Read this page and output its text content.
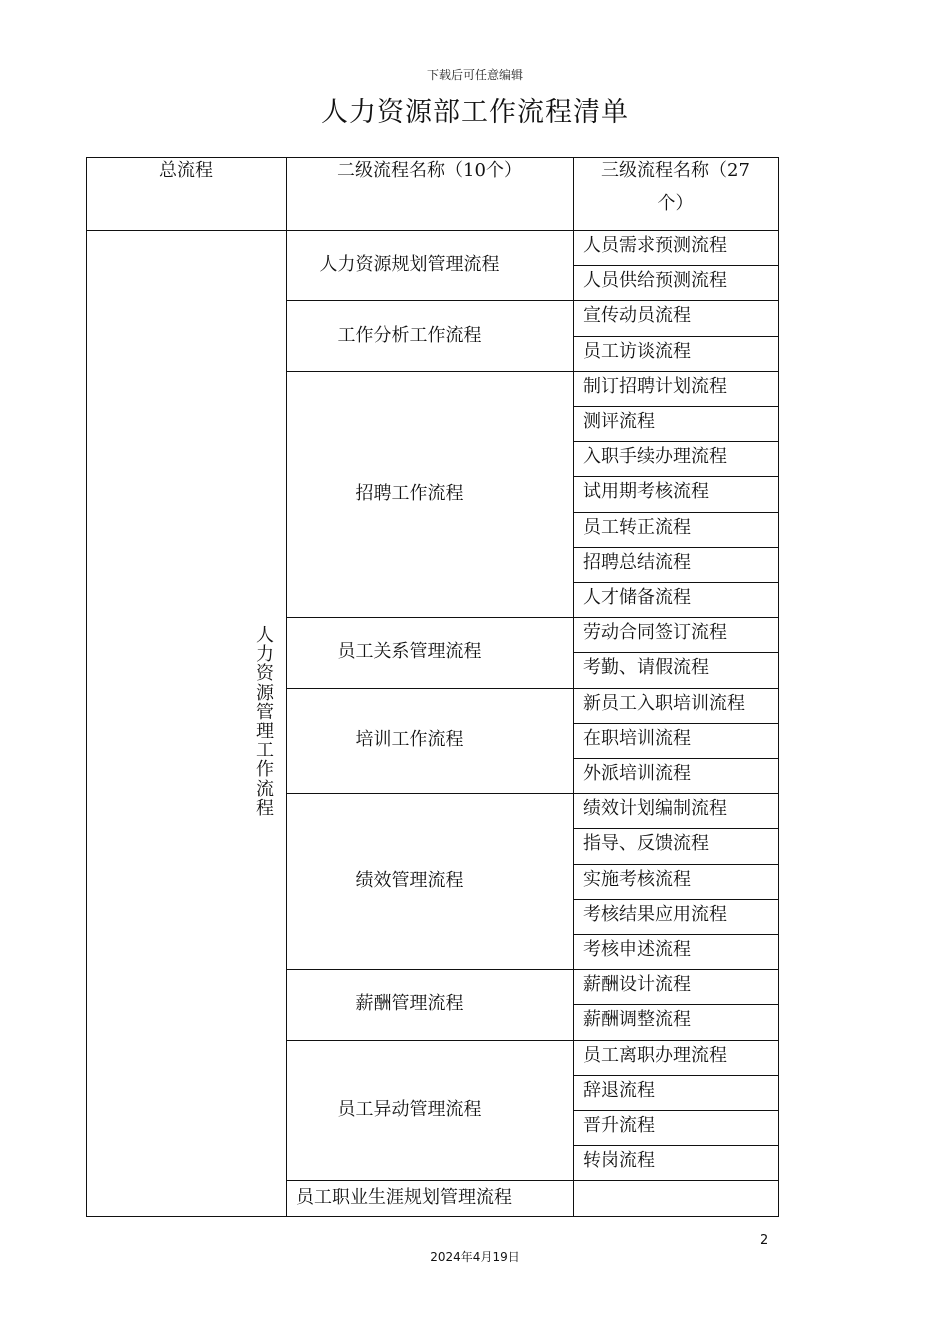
下载后可任意编辑
人力资源部工作流程清单
总流程	二级流程名称（10个）	三级流程名称（27
个）
人力资源管理工作流程
人力资源规划管理流程
人员需求预测流程
人员供给预测流程
工作分析工作流程
宣传动员流程
员工访谈流程
招聘工作流程
制订招聘计划流程
测评流程
入职手续办理流程
试用期考核流程
员工转正流程
招聘总结流程
人才储备流程
员工关系管理流程
劳动合同签订流程
考勤、请假流程
培训工作流程
新员工入职培训流程
在职培训流程
外派培训流程
绩效管理流程
绩效计划编制流程
指导、反馈流程
实施考核流程
考核结果应用流程
考核申述流程
薪酬管理流程
薪酬设计流程
薪酬调整流程
员工异动管理流程
员工离职办理流程
辞退流程
晋升流程
转岗流程
员工职业生涯规划管理流程
2
2024年4月19日
